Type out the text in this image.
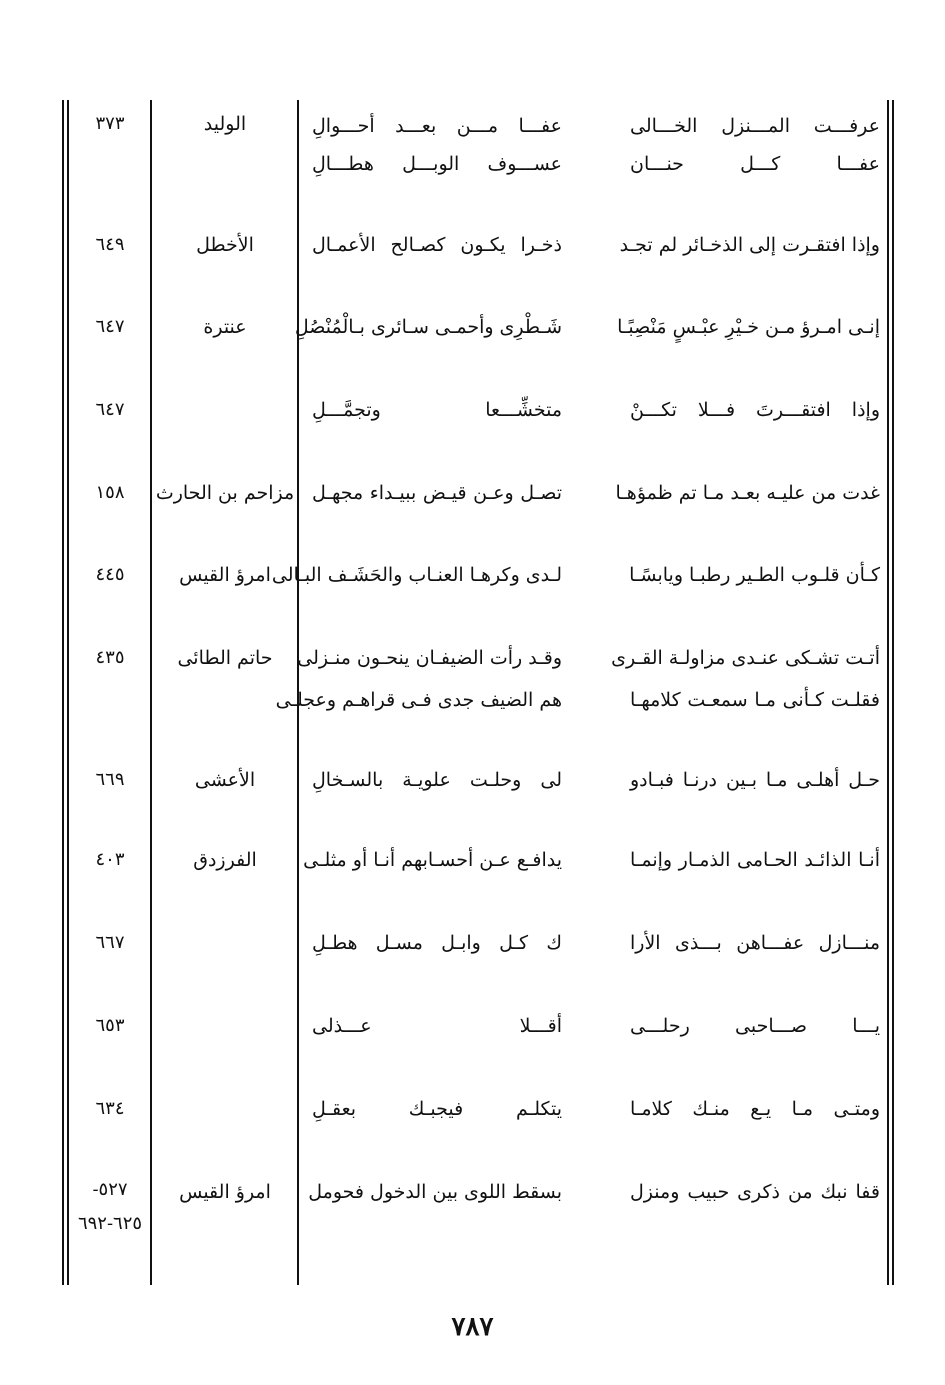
عرفـــت المـــنزل الخـــالى
عفـــا مـــن بعـــد أحـــوالِ
الوليد
٣٧٣
عفـــا كـــل حنـــان
عســـوف الوبـــل هطـــالِ
وإذا افتقـرت إلى الذخـائر لم تجـد
ذخـرا يكـون كصـالح الأعمـال
الأخطل
٦٤٩
إنـى امـرؤ مـن خـيْرِ عبْـسٍ مَنْصِبًـا
شَـطْرِى وأحمـى سـائرى بـالْمُنْصُلِ
عنترة
٦٤٧
وإذا افتقـــرتَ فـــلا تكـــنْ
متخشِّـــعا وتجمَّـــلِ
٦٤٧
غدت من عليـه بعـد مـا تم ظمؤهـا
تصـل وعـن قيـض ببيـداء مجهـل
مزاحم بن الحارث
١٥٨
كـأن قلـوب الطـير رطبـا ويابسًـا
لـدى وكرهـا العنـاب والحَشَـف البـالى
امرؤ القيس
٤٤٥
أتـت تشـكى عنـدى مزاولـة القـرى
وقـد رأت الضيفـان ينحـون منـزلى
حاتم الطائى
٤٣٥
فقلـت كـأنى مـا سمعـت كلامهـا
هم الضيف جدى فـى قراهـم وعجلـى
حـل أهلـى مـا بـين درنـا فبـادو
لى وحلـت علويـة بالسـخالِ
الأعشى
٦٦٩
أنـا الذائـد الحـامى الذمـار وإنمـا
يدافـع عـن أحسـابهم أنـا أو مثلـى
الفرزدق
٤٠٣
منـــازل عفـــاهن بـــذى الأرا
ك كـل وابـل مسـل هطـلِ
٦٦٧
يـــا صـــاحبى رحلـــى
أقـــلا عـــذلى
٦٥٣
ومتـى مـا يـع منـك كلامـا
يتكلـم فيجبـك بعقـلِ
٦٣٤
قفا نبك من ذكرى حبيب ومنزل
بسقط اللوى بين الدخول فحومل
امرؤ القيس
٥٢٧-
٦٢٥-٦٩٢
٧٨٧
